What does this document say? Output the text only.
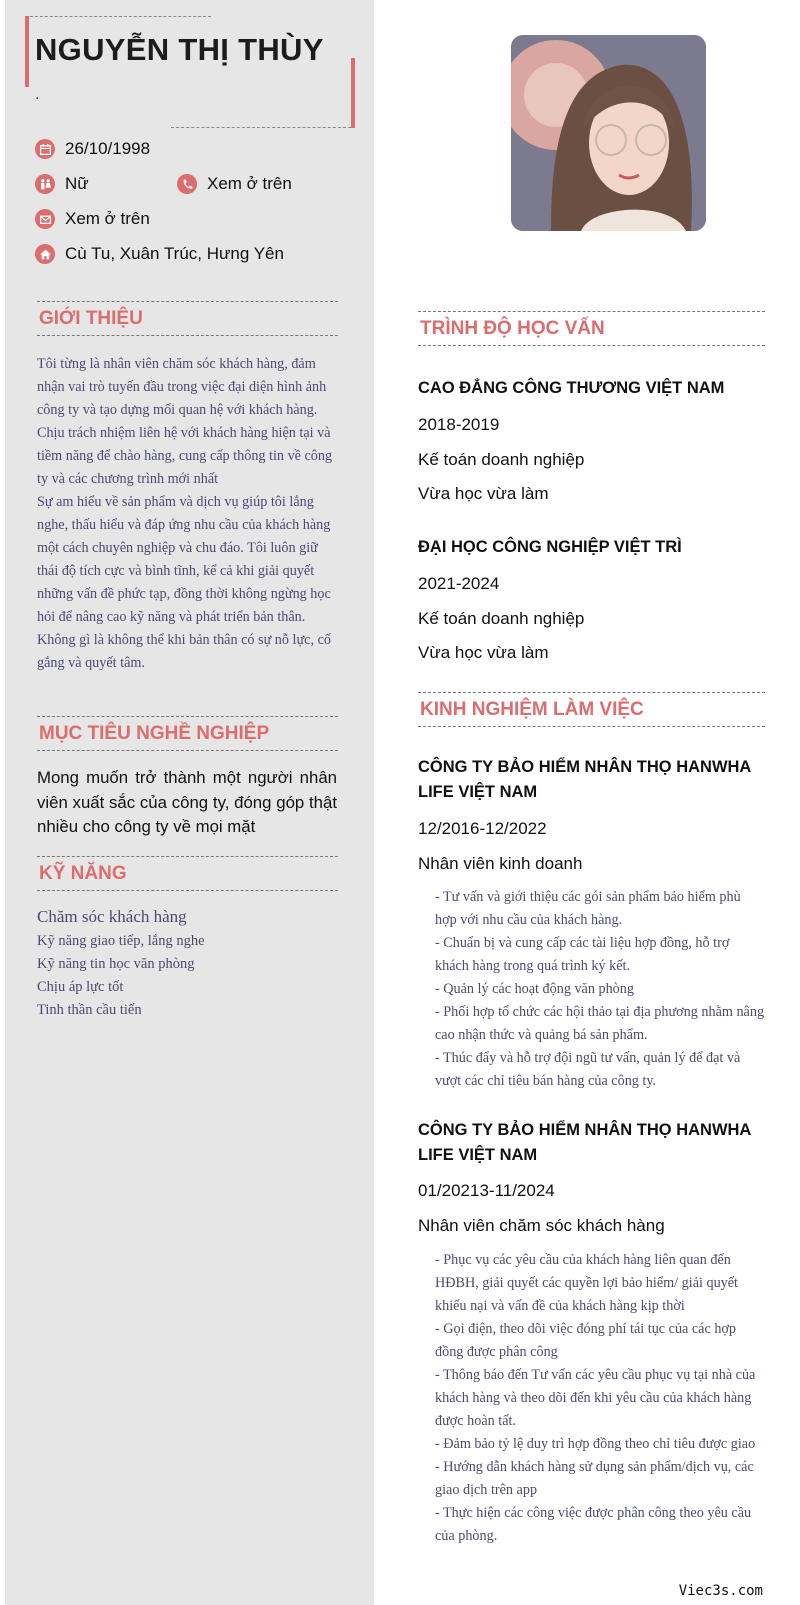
NGUYỄN THỊ THÙY
.
26/10/1998
Nữ	Xem ở trên
Xem ở trên
Cù Tu, Xuân Trúc, Hưng Yên
GIỚI THIỆU

Tôi từng là nhân viên chăm sóc khách hàng, đảm nhận vai trò tuyến đầu trong việc đại diện hình ảnh công ty và tạo dựng mối quan hệ với khách hàng. Chịu trách nhiệm liên hệ với khách hàng hiện tại và tiềm năng để chào hàng, cung cấp thông tin về công ty và các chương trình mới nhất

Sự am hiểu về sản phẩm và dịch vụ giúp tôi lắng nghe, thấu hiểu và đáp ứng nhu cầu của khách hàng một cách chuyên nghiệp và chu đáo. Tôi luôn giữ thái độ tích cực và bình tĩnh, kể cả khi giải quyết những vấn đề phức tạp, đồng thời không ngừng học hỏi để nâng cao kỹ năng và phát triển bản thân.

Không gì là không thể khi bản thân có sự nỗ lực, cố gắng và quyết tâm.

MỤC TIÊU NGHỀ NGHIỆP
Mong muốn trở thành một người nhân viên xuất sắc của công ty, đóng góp thật nhiều cho công ty về mọi mặt
KỸ NĂNG
Chăm sóc khách hàng
Kỹ năng giao tiếp, lắng nghe
Kỹ năng tin học văn phòng
Chịu áp lực tốt
Tinh thần cầu tiến
TRÌNH ĐỘ HỌC VẤN
CAO ĐẲNG CÔNG THƯƠNG VIỆT NAM
2018-2019
Kế toán doanh nghiệp
Vừa học vừa làm
ĐẠI HỌC CÔNG NGHIỆP VIỆT TRÌ
2021-2024
Kế toán doanh nghiệp
Vừa học vừa làm
KINH NGHIỆM LÀM VIỆC
CÔNG TY BẢO HIỂM NHÂN THỌ HANWHA LIFE VIỆT NAM
12/2016-12/2022
Nhân viên kinh doanh
- Tư vấn và giới thiệu các gói sản phẩm bảo hiểm phù hợp với nhu cầu của khách hàng.
- Chuẩn bị và cung cấp các tài liệu hợp đồng, hỗ trợ khách hàng trong quá trình ký kết.
- Quản lý các hoạt động văn phòng
- Phối hợp tổ chức các hội thảo tại địa phương nhằm nâng cao nhận thức và quảng bá sản phẩm.
- Thúc đẩy và hỗ trợ đội ngũ tư vấn, quản lý để đạt và vượt các chỉ tiêu bán hàng của công ty.
CÔNG TY BẢO HIỂM NHÂN THỌ HANWHA LIFE VIỆT NAM
01/20213-11/2024
Nhân viên chăm sóc khách hàng
- Phục vụ các yêu cầu của khách hàng liên quan đến HĐBH, giải quyết các quyền lợi bảo hiểm/ giải quyết khiếu nại và vấn đề của khách hàng kịp thời
- Gọi điện, theo dõi việc đóng phí tái tục của các hợp đồng được phân công
- Thông báo đến Tư vấn các yêu cầu phục vụ tại nhà của khách hàng và theo dõi đến khi yêu cầu của khách hàng được hoàn tất.
- Đảm bảo tỷ lệ duy trì hợp đồng theo chỉ tiêu được giao
- Hướng dẫn khách hàng sử dụng sản phẩm/dịch vụ, các giao dịch trên app
- Thực hiện các công việc được phân công theo yêu cầu của phòng.
Viec3s.com
